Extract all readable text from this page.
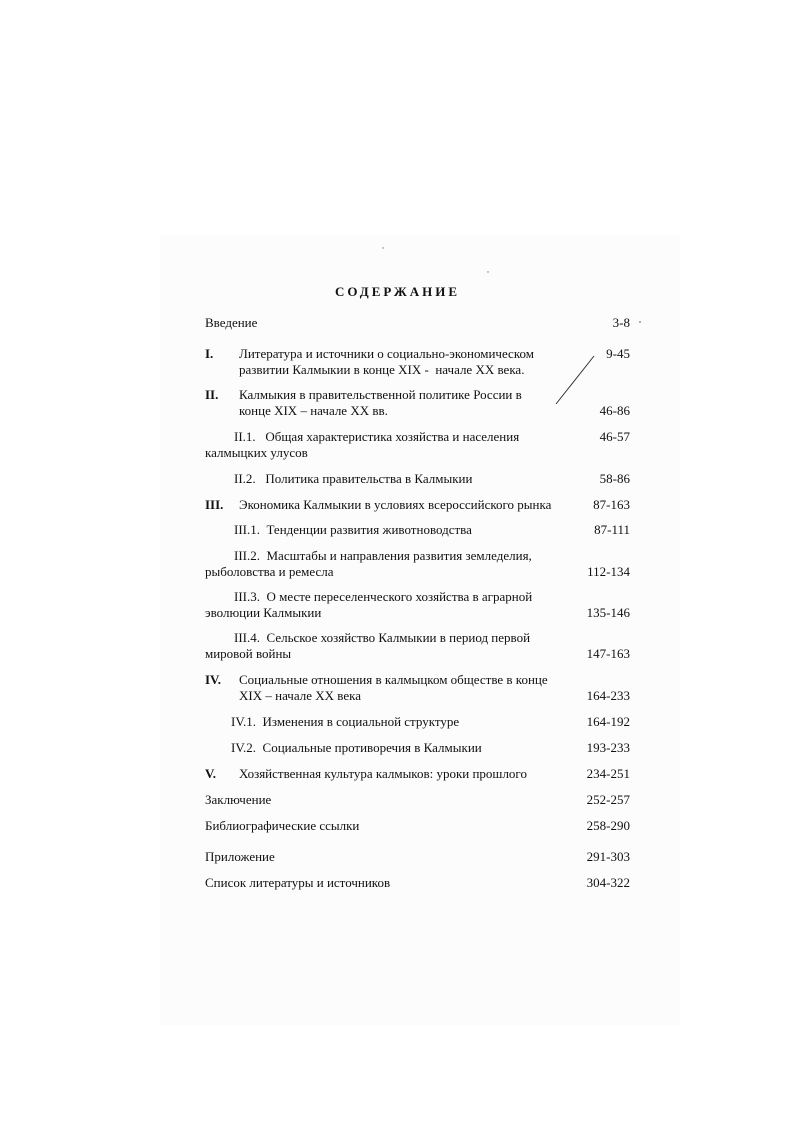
СОДЕРЖАНИЕ
Введение	3-8
I. Литература и источники о социально-экономическом
развитии Калмыкии в конце XIX -  начале XX века.
9-45
II. Калмыкия в правительственной политике России в
конце XIX – начале XX вв.	46-86
II.1.   Общая характеристика хозяйства и населения
калмыцких улусов
46-57
II.2.   Политика правительства в Калмыкии	58-86
III. Экономика Калмыкии в условиях всероссийского рынка	87-163
III.1.  Тенденции развития животноводства	87-111
III.2.  Масштабы и направления развития земледелия,
рыболовства и ремесла	112-134
III.3.  О месте переселенческого хозяйства в аграрной
эволюции Калмыкии	135-146
III.4.  Сельское хозяйство Калмыкии в период первой
мировой войны	147-163
IV. Социальные отношения в калмыцком обществе в конце
XIX – начале XX века	164-233
IV.1.  Изменения в социальной структуре	164-192
IV.2.  Социальные противоречия в Калмыкии	193-233
V. Хозяйственная культура калмыков: уроки прошлого	234-251
Заключение	252-257
Библиографические ссылки	258-290
Приложение	291-303
Список литературы и источников	304-322
